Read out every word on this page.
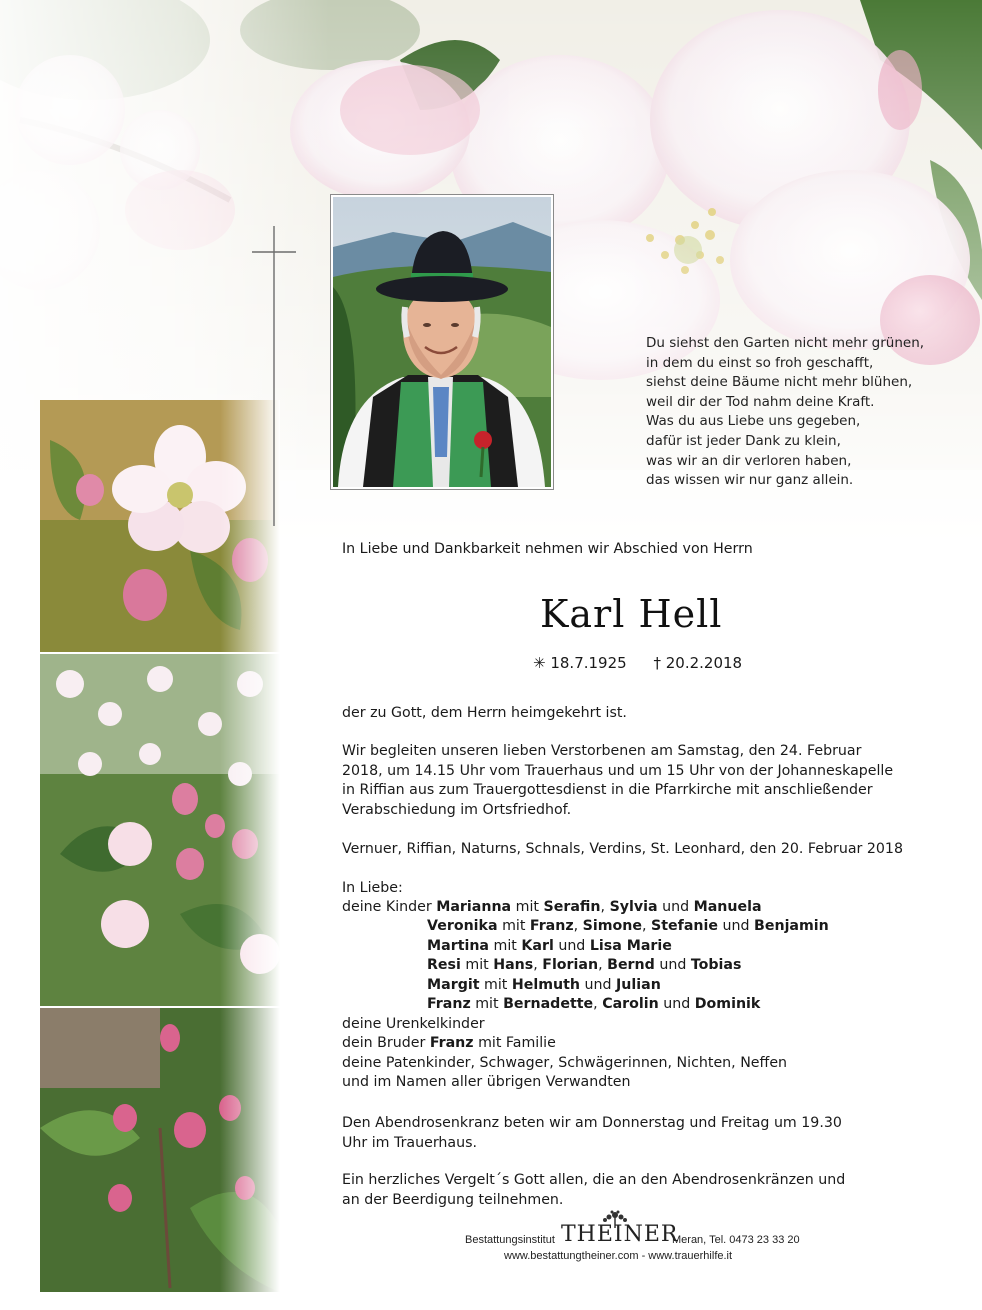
Du siehst den Garten nicht mehr grünen,
in dem du einst so froh geschafft,
siehst deine Bäume nicht mehr blühen,
weil dir der Tod nahm deine Kraft.
Was du aus Liebe uns gegeben,
dafür ist jeder Dank zu klein,
was wir an dir verloren haben,
das wissen wir nur ganz allein.

In Liebe und Dankbarkeit nehmen wir Abschied von Herrn

Karl Hell
✳ 18.7.1925 † 20.2.2018

der zu Gott, dem Herrn heimgekehrt ist.

Wir begleiten unseren lieben Verstorbenen am Samstag, den 24. Februar 2018, um 14.15 Uhr vom Trauerhaus und um 15 Uhr von der Johanneskapelle in Riffian aus zum Trauergottesdienst in die Pfarrkirche mit anschließender Verabschiedung im Ortsfriedhof.

Vernuer, Riffian, Naturns, Schnals, Verdins, St. Leonhard, den 20. Februar 2018

In Liebe:

deine Kinder Marianna mit Serafin, Sylvia und Manuela
Veronika mit Franz, Simone, Stefanie und Benjamin
Martina mit Karl und Lisa Marie
Resi mit Hans, Florian, Bernd und Tobias
Margit mit Helmuth und Julian
Franz mit Bernadette, Carolin und Dominik
deine Urenkelkinder
dein Bruder Franz mit Familie
deine Patenkinder, Schwager, Schwägerinnen, Nichten, Neffen
und im Namen aller übrigen Verwandten

Den Abendrosenkranz beten wir am Donnerstag und Freitag um 19.30 Uhr im Trauerhaus.

Ein herzliches Vergelt´s Gott allen, die an den Abendrosenkränzen und an der Beerdigung teilnehmen.

Bestattungsinstitut THEINER
Meran, Tel. 0473 23 33 20
www.bestattungtheiner.com - www.trauerhilfe.it
